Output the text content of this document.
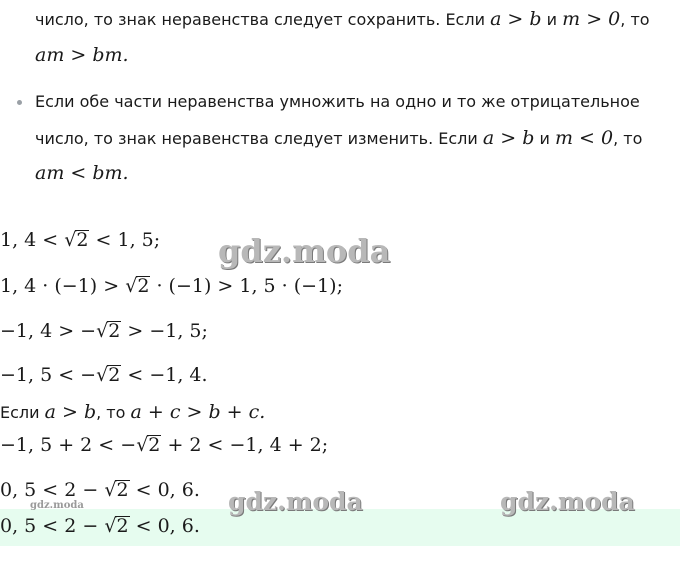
число, то знак неравенства следует сохранить. Если a > b и m > 0, то
am > bm.
Если обе части неравенства умножить на одно и то же отрицательное
число, то знак неравенства следует изменить. Если a > b и m < 0, то
am < bm.
1, 4 < √2 < 1, 5;
1, 4 · (−1) > √2 · (−1) > 1, 5 · (−1);
−1, 4 > −√2 > −1, 5;
−1, 5 < −√2 < −1, 4.
Если a > b, то a + c > b + c.
−1, 5 + 2 < −√2 + 2 < −1, 4 + 2;
0, 5 < 2 − √2 < 0, 6.
0, 5 < 2 − √2 < 0, 6.
gdz.moda
gdz.moda	gdz.moda
gdz.moda
